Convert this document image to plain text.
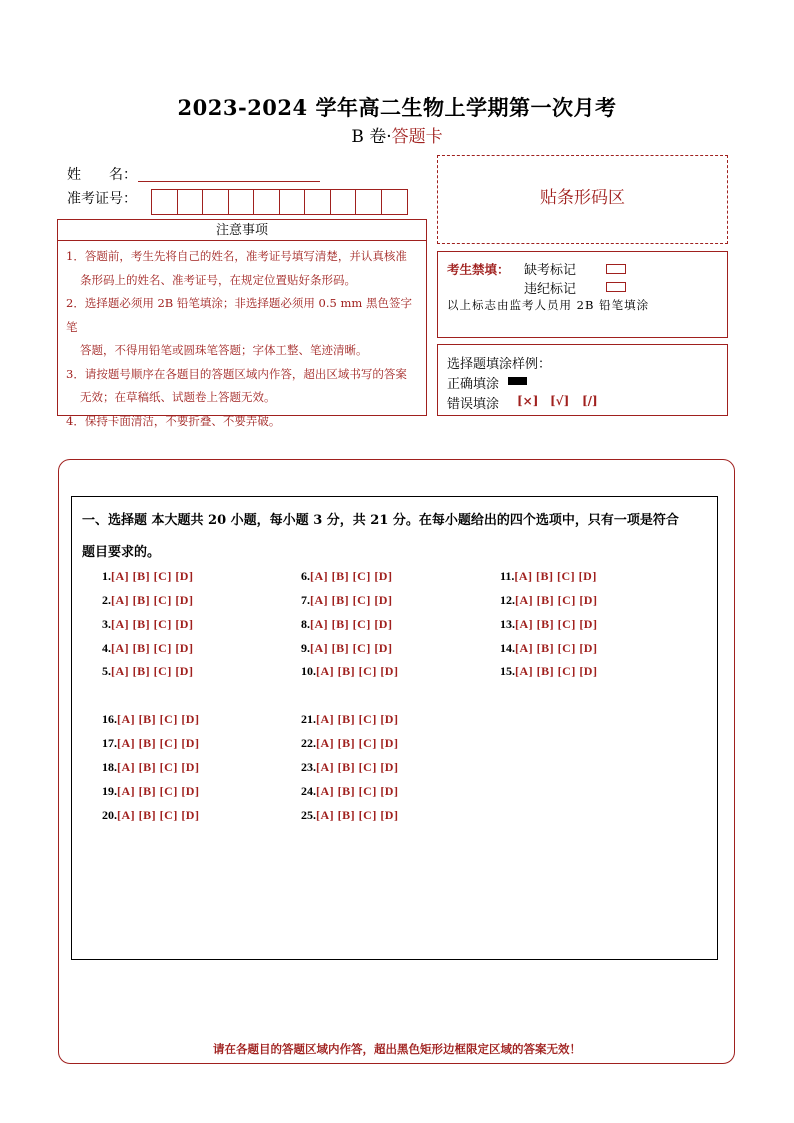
2023-2024 学年高二生物上学期第一次月考
B 卷·答题卡
姓　　名：
准考证号：
注意事项

1．答题前，考生先将自己的姓名，准考证号填写清楚，并认真核准

条形码上的姓名、准考证号，在规定位置贴好条形码。

2．选择题必须用 2B 铅笔填涂；非选择题必须用 0.5 mm 黑色签字笔

答题，不得用铅笔或圆珠笔答题；字体工整、笔迹清晰。

3．请按题号顺序在各题目的答题区域内作答，超出区域书写的答案

无效；在草稿纸、试题卷上答题无效。

4．保持卡面清洁，不要折叠、不要弄破。

贴条形码区
考生禁填： 缺考标记
违纪标记
以上标志由监考人员用 2B 铅笔填涂
选择题填涂样例：
正确填涂
错误填涂 [×] [√] [/]
一、选择题 本大题共 20 小题，每小题 3 分，共 21 分。在每小题给出的四个选项中，只有一项是符合
题目要求的。
1.[A] [B] [C] [D]
2.[A] [B] [C] [D]
3.[A] [B] [C] [D]
4.[A] [B] [C] [D]
5.[A] [B] [C] [D]
6.[A] [B] [C] [D]
7.[A] [B] [C] [D]
8.[A] [B] [C] [D]
9.[A] [B] [C] [D]
10.[A] [B] [C] [D]
11.[A] [B] [C] [D]
12.[A] [B] [C] [D]
13.[A] [B] [C] [D]
14.[A] [B] [C] [D]
15.[A] [B] [C] [D]
16.[A] [B] [C] [D]
17.[A] [B] [C] [D]
18.[A] [B] [C] [D]
19.[A] [B] [C] [D]
20.[A] [B] [C] [D]
21.[A] [B] [C] [D]
22.[A] [B] [C] [D]
23.[A] [B] [C] [D]
24.[A] [B] [C] [D]
25.[A] [B] [C] [D]
请在各题目的答题区域内作答，超出黑色矩形边框限定区域的答案无效！
